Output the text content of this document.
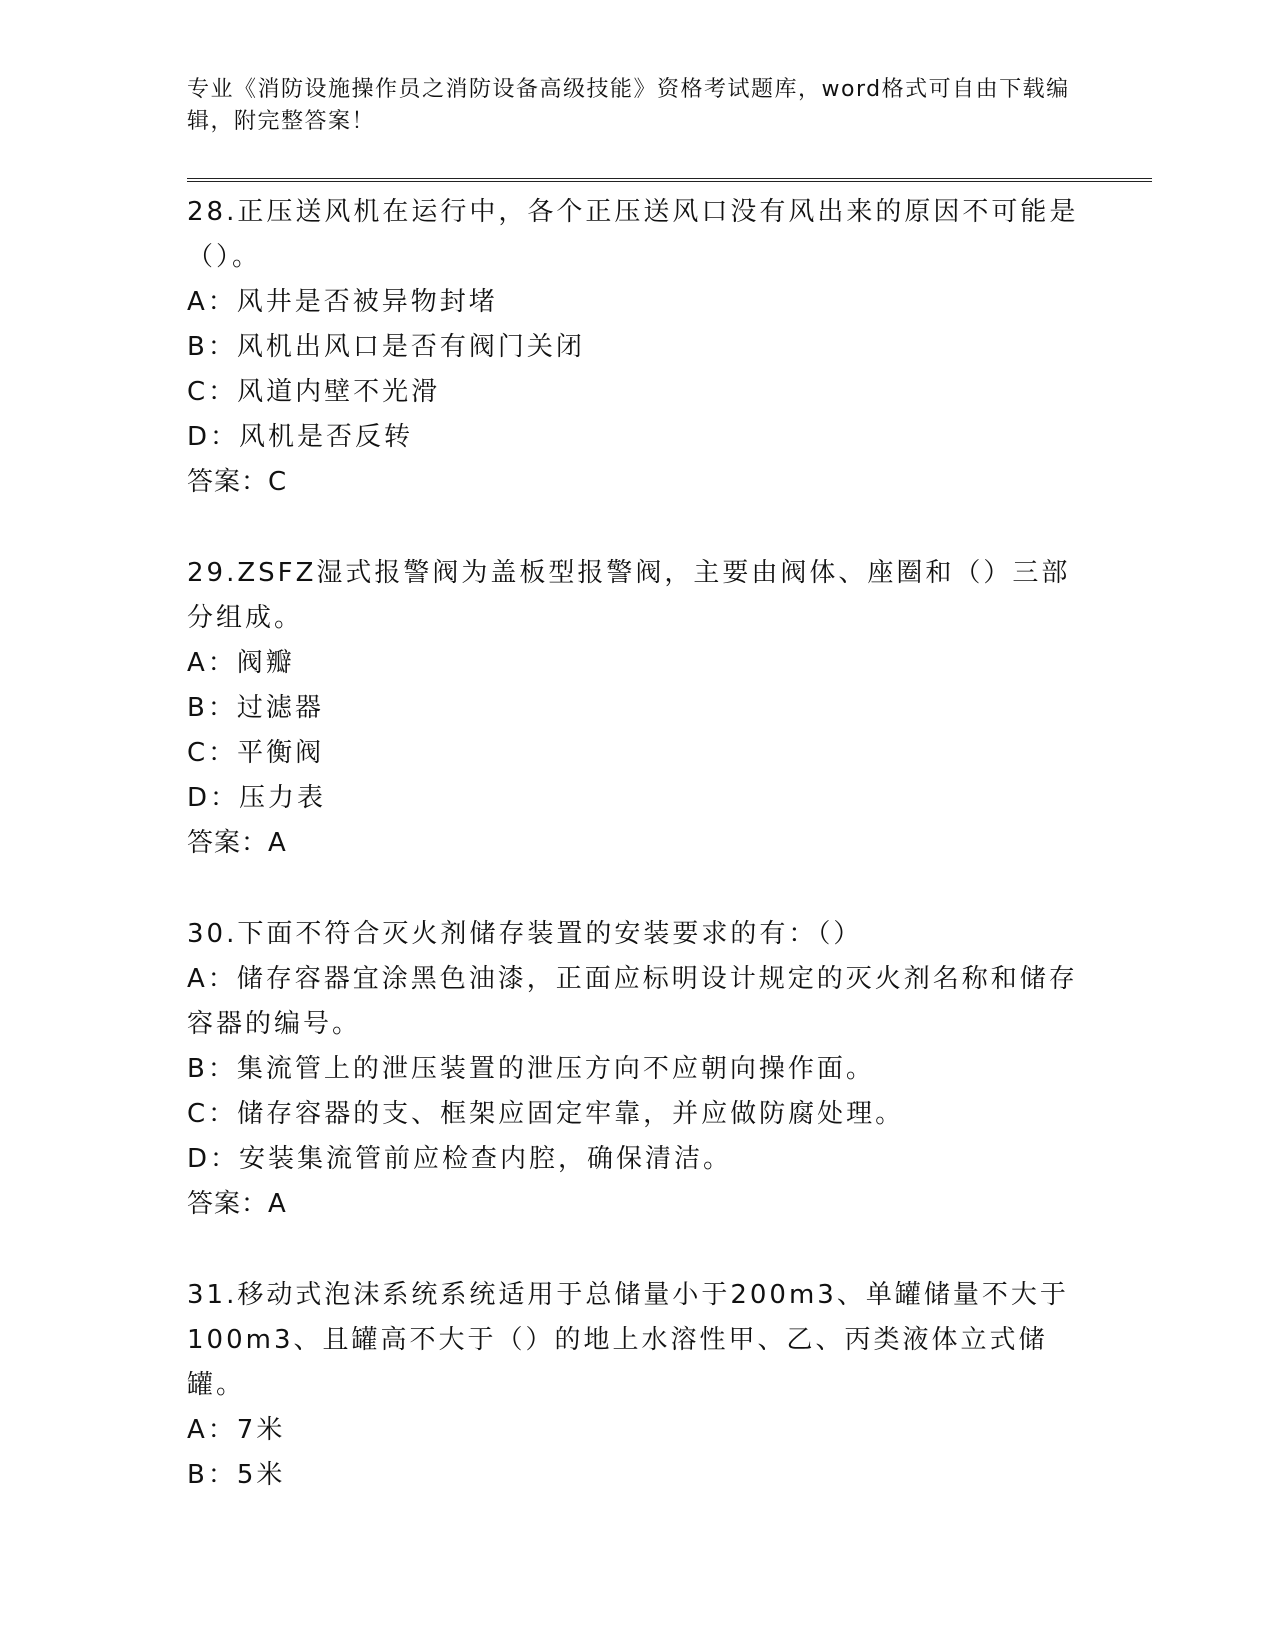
专业《消防设施操作员之消防设备高级技能》资格考试题库，word格式可自由下载编辑，附完整答案！
28.正压送风机在运行中，各个正压送风口没有风出来的原因不可能是（）。
A：风井是否被异物封堵
B：风机出风口是否有阀门关闭
C：风道内壁不光滑
D：风机是否反转
答案：C
29.ZSFZ湿式报警阀为盖板型报警阀，主要由阀体、座圈和（）三部分组成。
A：阀瓣
B：过滤器
C：平衡阀
D：压力表
答案：A
30.下面不符合灭火剂储存装置的安装要求的有：（）
A：储存容器宜涂黑色油漆，正面应标明设计规定的灭火剂名称和储存容器的编号。
B：集流管上的泄压装置的泄压方向不应朝向操作面。
C：储存容器的支、框架应固定牢靠，并应做防腐处理。
D：安装集流管前应检查内腔，确保清洁。
答案：A
31.移动式泡沫系统系统适用于总储量小于200m3、单罐储量不大于100m3、且罐高不大于（）的地上水溶性甲、乙、丙类液体立式储罐。
A：7米
B：5米
